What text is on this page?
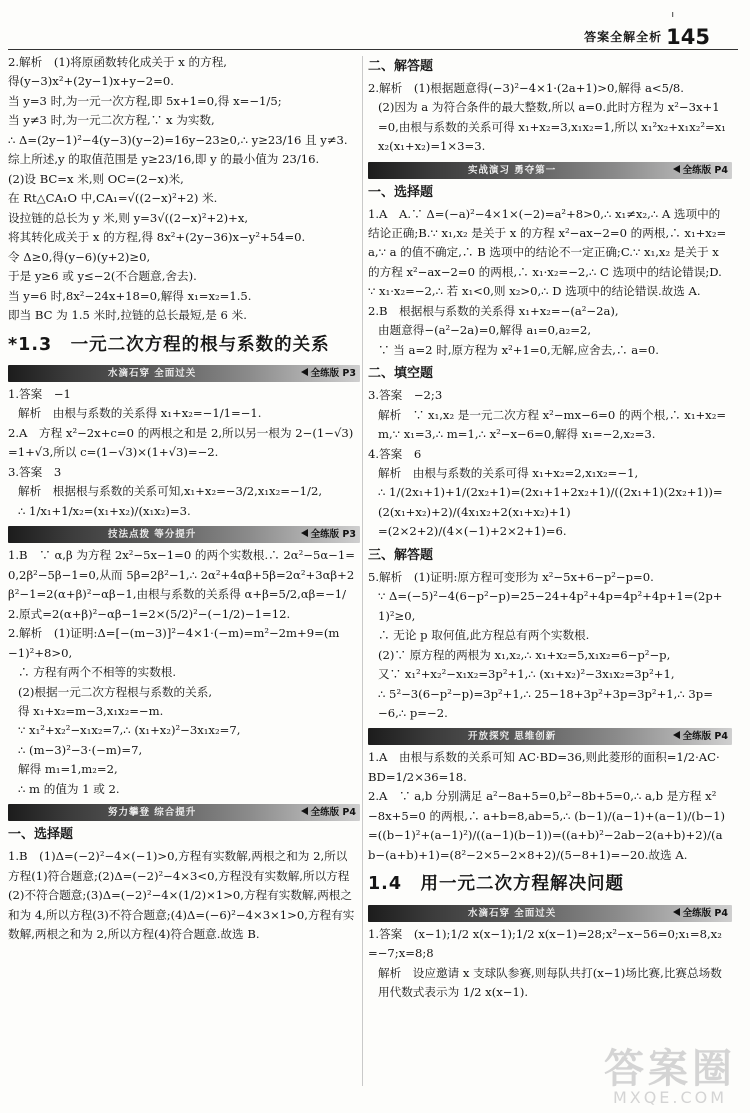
ı
答案全解全析 145
2.解析　(1)将原函数转化成关于 x 的方程,
得(y−3)x²+(2y−1)x+y−2=0.
当 y=3 时,为一元一次方程,即 5x+1=0,得 x=−1/5;
当 y≠3 时,为一元二次方程,∵ x 为实数,
∴ Δ=(2y−1)²−4(y−3)(y−2)=16y−23≥0,∴ y≥23/16 且 y≠3.
综上所述,y 的取值范围是 y≥23/16,即 y 的最小值为 23/16.
(2)设 BC=x 米,则 OC=(2−x)米,
在 Rt△CA₁O 中,CA₁=√((2−x)²+2) 米.
设拉链的总长为 y 米,则 y=3√((2−x)²+2)+x,
将其转化成关于 x 的方程,得 8x²+(2y−36)x−y²+54=0.
令 Δ≥0,得(y−6)(y+2)≥0,
于是 y≥6 或 y≤−2(不合题意,舍去).
当 y=6 时,8x²−24x+18=0,解得 x₁=x₂=1.5.
即当 BC 为 1.5 米时,拉链的总长最短,是 6 米.
*1.3　一元二次方程的根与系数的关系
水滴石穿 全面过关	全练版 P3
1.答案　−1
解析　由根与系数的关系得 x₁+x₂=−1/1=−1.
2.A　方程 x²−2x+c=0 的两根之和是 2,所以另一根为 2−(1−√3)=1+√3,所以 c=(1−√3)×(1+√3)=−2.
3.答案　3
解析　根据根与系数的关系可知,x₁+x₂=−3/2,x₁x₂=−1/2,
∴ 1/x₁+1/x₂=(x₁+x₂)/(x₁x₂)=3.
技法点拨 等分提升	全练版 P3
1.B　∵ α,β 为方程 2x²−5x−1=0 的两个实数根.∴ 2α²−5α−1=0,2β²−5β−1=0,从而 5β=2β²−1,∴ 2α²+4αβ+5β=2α²+3αβ+2β²−1=2(α+β)²−αβ−1,由根与系数的关系得 α+β=5/2,αβ=−1/2.原式=2(α+β)²−αβ−1=2×(5/2)²−(−1/2)−1=12.
2.解析　(1)证明:Δ=[−(m−3)]²−4×1·(−m)=m²−2m+9=(m−1)²+8>0,
∴ 方程有两个不相等的实数根.
(2)根据一元二次方程根与系数的关系,
得 x₁+x₂=m−3,x₁x₂=−m.
∵ x₁²+x₂²−x₁x₂=7,∴ (x₁+x₂)²−3x₁x₂=7,
∴ (m−3)²−3·(−m)=7,
解得 m₁=1,m₂=2,
∴ m 的值为 1 或 2.
努力攀登 综合提升	全练版 P4
一、选择题
1.B　(1)Δ=(−2)²−4×(−1)>0,方程有实数解,两根之和为 2,所以方程(1)符合题意;(2)Δ=(−2)²−4×3<0,方程没有实数解,所以方程(2)不符合题意;(3)Δ=(−2)²−4×(1/2)×1>0,方程有实数解,两根之和为 4,所以方程(3)不符合题意;(4)Δ=(−6)²−4×3×1>0,方程有实数解,两根之和为 2,所以方程(4)符合题意.故选 B.
二、解答题
2.解析　(1)根据题意得(−3)²−4×1·(2a+1)>0,解得 a<5/8.
(2)因为 a 为符合条件的最大整数,所以 a=0.此时方程为 x²−3x+1=0,由根与系数的关系可得 x₁+x₂=3,x₁x₂=1,所以 x₁²x₂+x₁x₂²=x₁x₂(x₁+x₂)=1×3=3.
实战演习 勇夺第一	全练版 P4
一、选择题
1.A　A.∵ Δ=(−a)²−4×1×(−2)=a²+8>0,∴ x₁≠x₂,∴ A 选项中的结论正确;B.∵ x₁,x₂ 是关于 x 的方程 x²−ax−2=0 的两根,∴ x₁+x₂=a,∵ a 的值不确定,∴ B 选项中的结论不一定正确;C.∵ x₁,x₂ 是关于 x 的方程 x²−ax−2=0 的两根,∴ x₁·x₂=−2,∴ C 选项中的结论错误;D.∵ x₁·x₂=−2,∴ 若 x₁<0,则 x₂>0,∴ D 选项中的结论错误.故选 A.
2.B　根据根与系数的关系得 x₁+x₂=−(a²−2a),
由题意得−(a²−2a)=0,解得 a₁=0,a₂=2,
∵ 当 a=2 时,原方程为 x²+1=0,无解,应舍去,∴ a=0.
二、填空题
3.答案　−2;3
解析　∵ x₁,x₂ 是一元二次方程 x²−mx−6=0 的两个根,∴ x₁+x₂=m,∵ x₁=3,∴ m=1,∴ x²−x−6=0,解得 x₁=−2,x₂=3.
4.答案　6
解析　由根与系数的关系可得 x₁+x₂=2,x₁x₂=−1,
∴ 1/(2x₁+1)+1/(2x₂+1)=(2x₁+1+2x₂+1)/((2x₁+1)(2x₂+1))=(2(x₁+x₂)+2)/(4x₁x₂+2(x₁+x₂)+1)
=(2×2+2)/(4×(−1)+2×2+1)=6.
三、解答题
5.解析　(1)证明:原方程可变形为 x²−5x+6−p²−p=0.
∵ Δ=(−5)²−4(6−p²−p)=25−24+4p²+4p=4p²+4p+1=(2p+1)²≥0,
∴ 无论 p 取何值,此方程总有两个实数根.
(2)∵ 原方程的两根为 x₁,x₂,∴ x₁+x₂=5,x₁x₂=6−p²−p,
又∵ x₁²+x₂²−x₁x₂=3p²+1,∴ (x₁+x₂)²−3x₁x₂=3p²+1,
∴ 5²−3(6−p²−p)=3p²+1,∴ 25−18+3p²+3p=3p²+1,∴ 3p=−6,∴ p=−2.
开放探究 思维创新	全练版 P4
1.A　由根与系数的关系可知 AC·BD=36,则此菱形的面积=1/2·AC·BD=1/2×36=18.
2.A　∵ a,b 分别满足 a²−8a+5=0,b²−8b+5=0,∴ a,b 是方程 x²−8x+5=0 的两根,∴ a+b=8,ab=5,∴ (b−1)/(a−1)+(a−1)/(b−1)=((b−1)²+(a−1)²)/((a−1)(b−1))=((a+b)²−2ab−2(a+b)+2)/(ab−(a+b)+1)=(8²−2×5−2×8+2)/(5−8+1)=−20.故选 A.
1.4　用一元二次方程解决问题
水滴石穿 全面过关	全练版 P4
1.答案　(x−1);1/2 x(x−1);1/2 x(x−1)=28;x²−x−56=0;x₁=8,x₂=−7;x=8;8
解析　设应邀请 x 支球队参赛,则每队共打(x−1)场比赛,比赛总场数用代数式表示为 1/2 x(x−1).
答案圈
MXQE.COM
